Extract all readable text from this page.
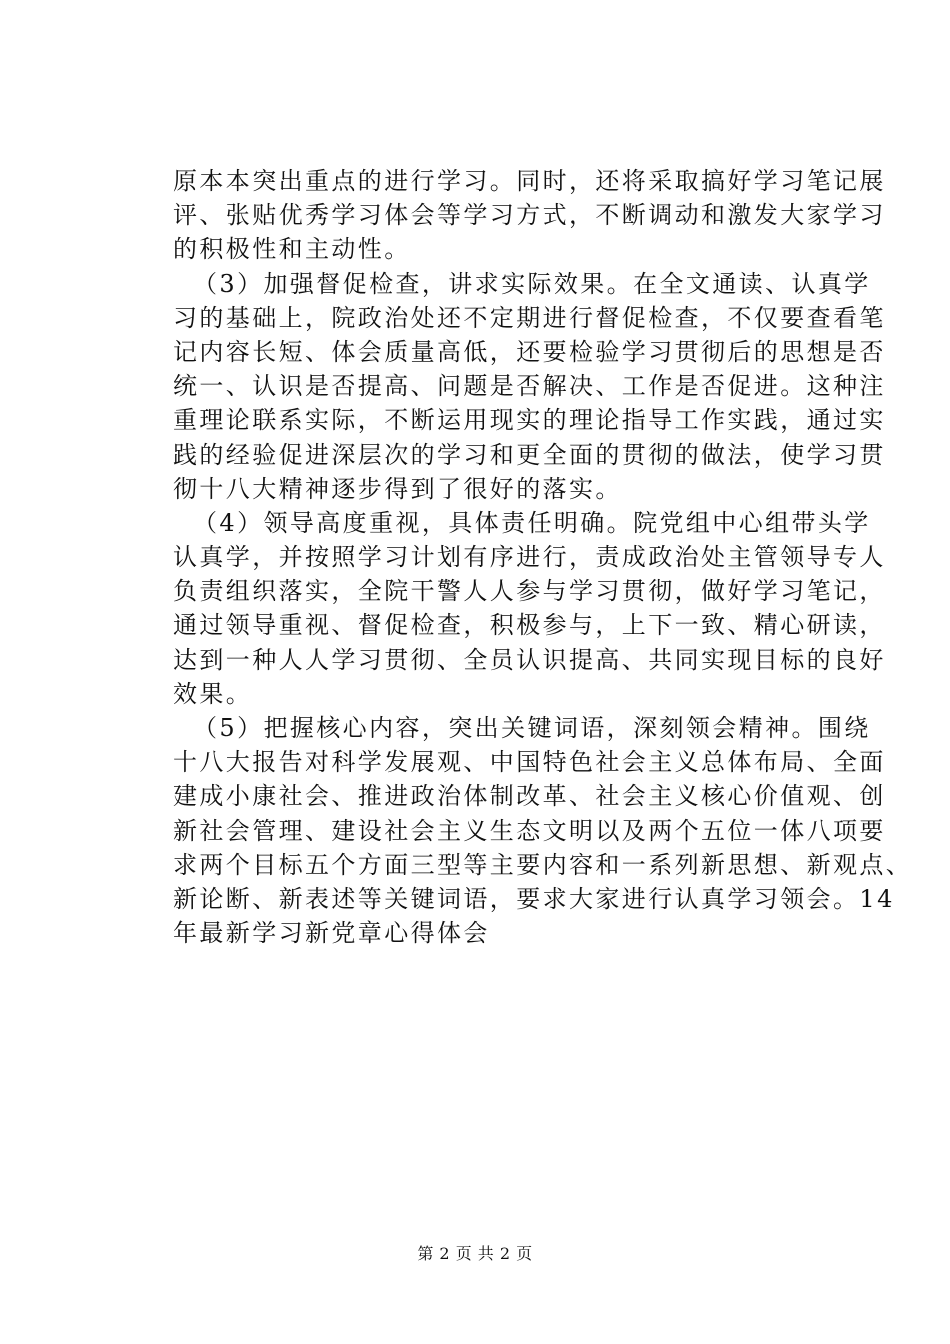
原本本突出重点的进行学习。同时，还将采取搞好学习笔记展
评、张贴优秀学习体会等学习方式，不断调动和激发大家学习
的积极性和主动性。
（3）加强督促检查，讲求实际效果。在全文通读、认真学
习的基础上，院政治处还不定期进行督促检查，不仅要查看笔
记内容长短、体会质量高低，还要检验学习贯彻后的思想是否
统一、认识是否提高、问题是否解决、工作是否促进。这种注
重理论联系实际，不断运用现实的理论指导工作实践，通过实
践的经验促进深层次的学习和更全面的贯彻的做法，使学习贯
彻十八大精神逐步得到了很好的落实。
（4）领导高度重视，具体责任明确。院党组中心组带头学
认真学，并按照学习计划有序进行，责成政治处主管领导专人
负责组织落实，全院干警人人参与学习贯彻，做好学习笔记，
通过领导重视、督促检查，积极参与，上下一致、精心研读，
达到一种人人学习贯彻、全员认识提高、共同实现目标的良好
效果。
（5）把握核心内容，突出关键词语，深刻领会精神。围绕
十八大报告对科学发展观、中国特色社会主义总体布局、全面
建成小康社会、推进政治体制改革、社会主义核心价值观、创
新社会管理、建设社会主义生态文明以及两个五位一体八项要
求两个目标五个方面三型等主要内容和一系列新思想、新观点、
新论断、新表述等关键词语，要求大家进行认真学习领会。14
年最新学习新党章心得体会
第 2 页 共 2 页
